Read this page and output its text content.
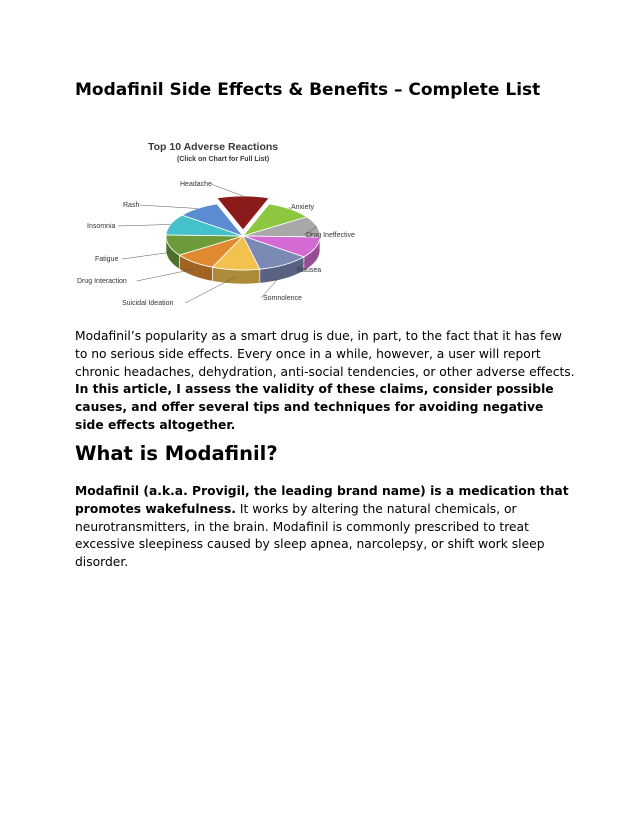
Modafinil Side Effects & Benefits – Complete List
Top 10 Adverse Reactions
(Click on Chart for Full List)
Headache
Anxiety
Drug Ineffective
Nausea
Somnolence
Suicidal Ideation
Drug Interaction
Fatigue
Insomnia
Rash

Modafinil’s popularity as a smart drug is due, in part, to the fact that it has few to no serious side effects. Every once in a while, however, a user will report chronic headaches, dehydration, anti-social tendencies, or other adverse effects. In this article, I assess the validity of these claims, consider possible causes, and offer several tips and techniques for avoiding negative side effects altogether.

What is Modafinil?

Modafinil (a.k.a. Provigil, the leading brand name) is a medication that promotes wakefulness. It works by altering the natural chemicals, or neurotransmitters, in the brain. Modafinil is commonly prescribed to treat excessive sleepiness caused by sleep apnea, narcolepsy, or shift work sleep disorder.
